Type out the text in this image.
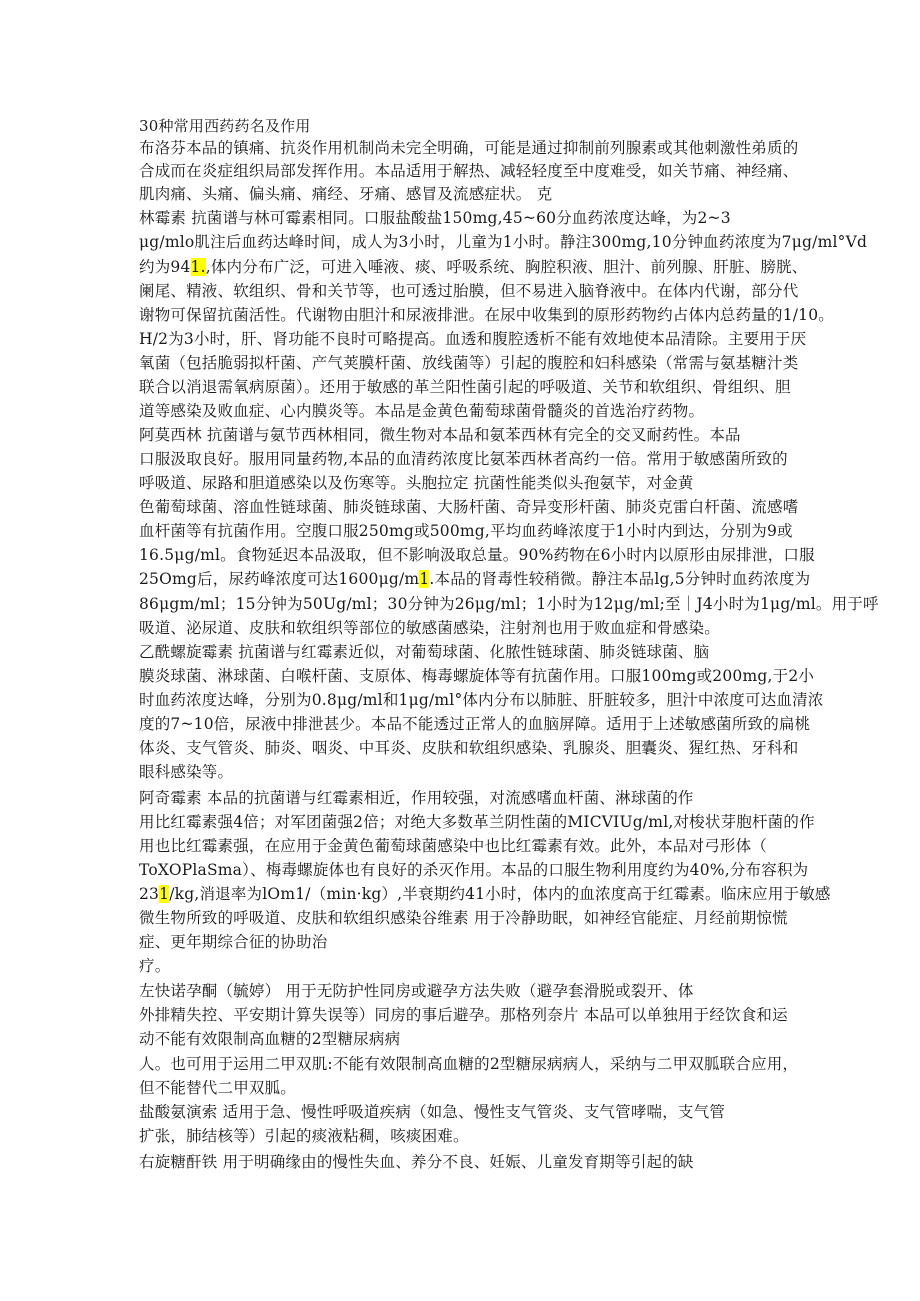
30种常用西药药名及作用
布洛芬本品的镇痛、抗炎作用机制尚未完全明确，可能是通过抑制前列腺素或其他刺激性弟质的
合成而在炎症组织局部发挥作用。本品适用于解热、减轻轻度至中度难受，如关节痛、神经痛、
肌肉痛、头痛、偏头痛、痛经、牙痛、感冒及流感症状。 克
林霉素 抗菌谱与林可霉素相同。口服盐酸盐150mg,45~60分血药浓度达峰，为2~3
μg/mlo肌注后血药达峰时间，成人为3小时，儿童为1小时。静注300mg,10分钟血药浓度为7μg/ml°Vd
约为941.,体内分布广泛，可进入唾液、痰、呼吸系统、胸腔积液、胆汁、前列腺、肝脏、膀胱、
阑尾、精液、软组织、骨和关节等，也可透过胎膜，但不易进入脑脊液中。在体内代谢，部分代
谢物可保留抗菌活性。代谢物由胆汁和尿液排泄。在尿中收集到的原形药物约占体内总药量的1/10。
H/2为3小时，肝、肾功能不良时可略提高。血透和腹腔透析不能有效地使本品清除。主要用于厌
氧菌（包括脆弱拟杆菌、产气荚膜杆菌、放线菌等）引起的腹腔和妇科感染（常需与氨基糖汁类
联合以消退需氧病原菌）。还用于敏感的革兰阳性菌引起的呼吸道、关节和软组织、骨组织、胆
道等感染及败血症、心内膜炎等。本品是金黄色葡萄球菌骨髓炎的首选治疗药物。
阿莫西林 抗菌谱与氨节西林相同，微生物对本品和氨苯西林有完全的交叉耐药性。本品
口服汲取良好。服用同量药物,本品的血清药浓度比氨苯西林者高约一倍。常用于敏感菌所致的
呼吸道、尿路和胆道感染以及伤寒等。头胞拉定 抗菌性能类似头孢氨苄，对金黄
色葡萄球菌、溶血性链球菌、肺炎链球菌、大肠杆菌、奇异变形杆菌、肺炎克雷白杆菌、流感嗜
血杆菌等有抗菌作用。空腹口服250mg或500mg,平均血药峰浓度于1小时内到达，分别为9或
16.5μg/ml。食物延迟本品汲取，但不影响汲取总量。90%药物在6小时内以原形由尿排泄，口服
25Omg后，尿药峰浓度可达1600μg/m1.本品的肾毒性较稍微。静注本品lg,5分钟时血药浓度为
86μgm/ml；15分钟为50Ug/ml；30分钟为26μg/ml；1小时为12μg/ml;至｜J4小时为1μg/ml。用于呼
吸道、泌尿道、皮肤和软组织等部位的敏感菌感染，注射剂也用于败血症和骨感染。
乙酰螺旋霉素 抗菌谱与红霉素近似，对葡萄球菌、化脓性链球菌、肺炎链球菌、脑
膜炎球菌、淋球菌、白喉杆菌、支原体、梅毒螺旋体等有抗菌作用。口服100mg或200mg,于2小
时血药浓度达峰，分别为0.8μg/ml和1μg/ml°体内分布以肺脏、肝脏较多，胆汁中浓度可达血清浓
度的7~10倍，尿液中排泄甚少。本品不能透过正常人的血脑屏障。适用于上述敏感菌所致的扁桃
体炎、支气管炎、肺炎、咽炎、中耳炎、皮肤和软组织感染、乳腺炎、胆囊炎、猩红热、牙科和
眼科感染等。
阿奇霉素 本品的抗菌谱与红霉素相近，作用较强，对流感嗜血杆菌、淋球菌的作
用比红霉素强4倍；对军团菌强2倍；对绝大多数革兰阴性菌的MICVIUg/ml,对梭状芽胞杆菌的作
用也比红霉素强，在应用于金黄色葡萄球菌感染中也比红霉素有效。此外，本品对弓形体（
ToXOPlaSma）、梅毒螺旋体也有良好的杀灭作用。本品的口服生物利用度约为40%,分布容积为
231/kg,消退率为lOm1/（min·kg）,半衰期约41小时，体内的血浓度高于红霉素。临床应用于敏感
微生物所致的呼吸道、皮肤和软组织感染谷维素 用于冷静助眠，如神经官能症、月经前期惊慌
症、更年期综合征的协助治
疗。
左快诺孕酮（毓婷） 用于无防护性同房或避孕方法失败（避孕套滑脱或裂开、体
外排精失控、平安期计算失误等）同房的事后避孕。那格列奈片 本品可以单独用于经饮食和运
动不能有效限制高血糖的2型糖尿病病
人。也可用于运用二甲双肌:不能有效限制高血糖的2型糖尿病病人，采纳与二甲双胍联合应用，
但不能替代二甲双胍。
盐酸氨演索 适用于急、慢性呼吸道疾病（如急、慢性支气管炎、支气管哮喘，支气管
扩张，肺结核等）引起的痰液粘稠，咳痰困难。
右旋糖酐铁 用于明确缘由的慢性失血、养分不良、妊娠、儿童发育期等引起的缺
